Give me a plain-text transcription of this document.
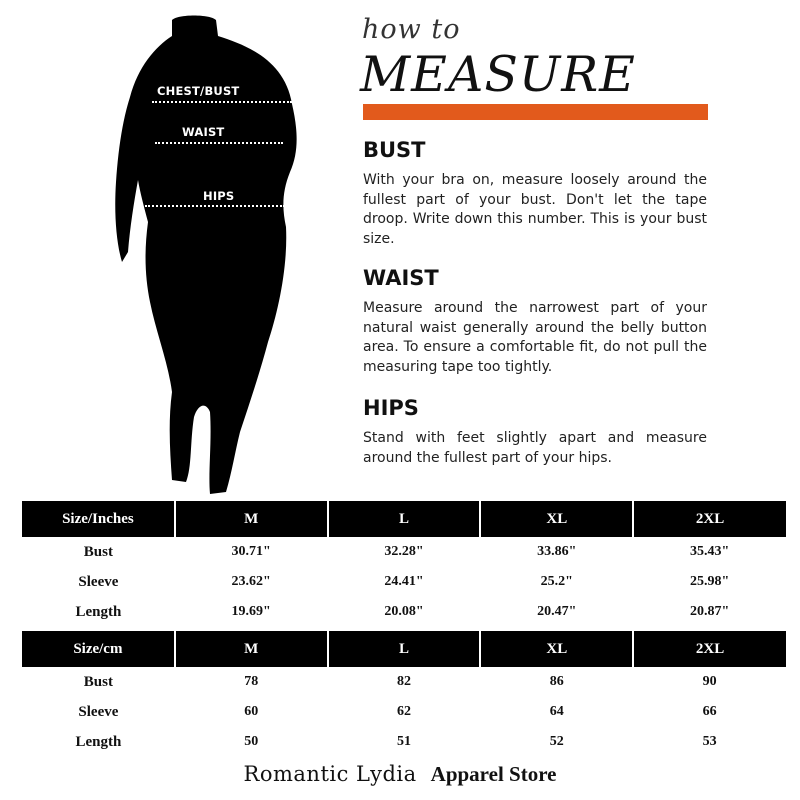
CHEST/BUST
WAIST
HIPS
how to
MEASURE
BUST
With your bra on, measure loosely around the fullest part of your bust. Don't let the tape droop. Write down this number. This is your bust size.
WAIST
Measure around the narrowest part of your natural waist generally around the belly button area. To ensure a comfortable fit, do not pull the measuring tape too tightly.
HIPS
Stand with feet slightly apart and measure around the fullest part of your hips.
Size/Inches	M	L	XL	2XL
Bust	30.71"	32.28"	33.86"	35.43"
Sleeve	23.62"	24.41"	25.2"	25.98"
Length	19.69"	20.08"	20.47"	20.87"
Size/cm	M	L	XL	2XL
Bust	78	82	86	90
Sleeve	60	62	64	66
Length	50	51	52	53
Romantic Lydia Apparel Store
